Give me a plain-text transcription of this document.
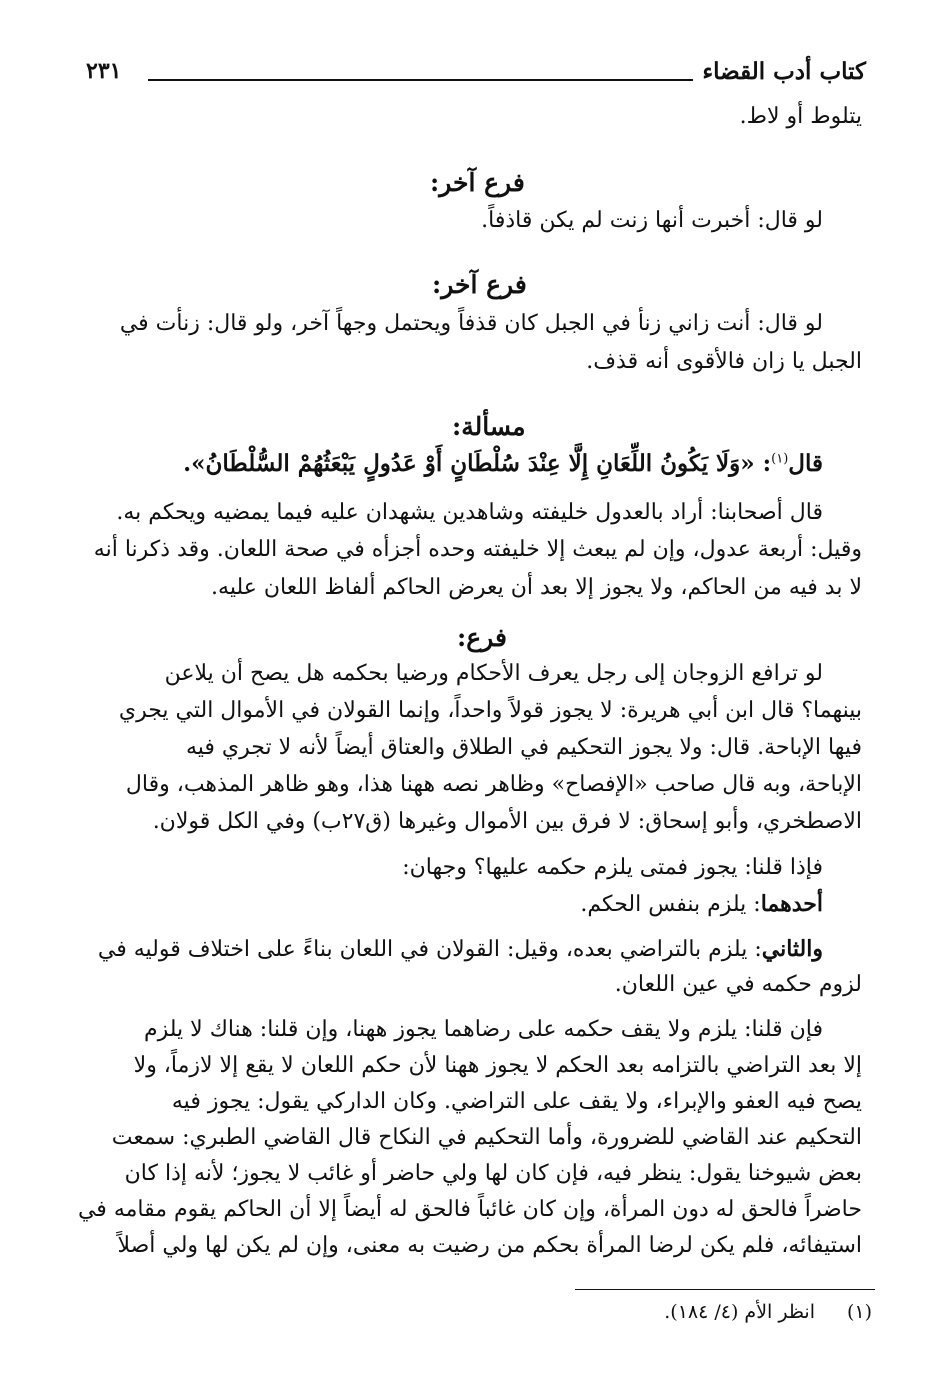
كتاب أدب القضاء
٢٣١
يتلوط أو لاط.
فرع آخر:
لو قال: أخبرت أنها زنت لم يكن قاذفاً.
فرع آخر:
لو قال: أنت زاني زنأ في الجبل كان قذفاً ويحتمل وجهاً آخر، ولو قال: زنأت في
الجبل يا زان فالأقوى أنه قذف.
مسألة:
قال$^{(١)}$: «وَلَا يَكُونُ اللِّعَانِ إِلَّا عِنْدَ سُلْطَانٍ أَوْ عَدُولٍ يَبْعَثُهُمْ السُّلْطَانُ».
قال أصحابنا: أراد بالعدول خليفته وشاهدين يشهدان عليه فيما يمضيه ويحكم به.
وقيل: أربعة عدول، وإن لم يبعث إلا خليفته وحده أجزأه في صحة اللعان. وقد ذكرنا أنه
لا بد فيه من الحاكم، ولا يجوز إلا بعد أن يعرض الحاكم ألفاظ اللعان عليه.
فرع:
لو ترافع الزوجان إلى رجل يعرف الأحكام ورضيا بحكمه هل يصح أن يلاعن
بينهما؟ قال ابن أبي هريرة: لا يجوز قولاً واحداً، وإنما القولان في الأموال التي يجري
فيها الإباحة. قال: ولا يجوز التحكيم في الطلاق والعتاق أيضاً لأنه لا تجري فيه
الإباحة، وبه قال صاحب «الإفصاح» وظاهر نصه ههنا هذا، وهو ظاهر المذهب، وقال
الاصطخري، وأبو إسحاق: لا فرق بين الأموال وغيرها (ق٢٧ب) وفي الكل قولان.
فإذا قلنا: يجوز فمتى يلزم حكمه عليها؟ وجهان:
أحدهما: يلزم بنفس الحكم.
والثاني: يلزم بالتراضي بعده، وقيل: القولان في اللعان بناءً على اختلاف قوليه في
لزوم حكمه في عين اللعان.
فإن قلنا: يلزم ولا يقف حكمه على رضاهما يجوز ههنا، وإن قلنا: هناك لا يلزم
إلا بعد التراضي بالتزامه بعد الحكم لا يجوز ههنا لأن حكم اللعان لا يقع إلا لازماً، ولا
يصح فيه العفو والإبراء، ولا يقف على التراضي. وكان الداركي يقول: يجوز فيه
التحكيم عند القاضي للضرورة، وأما التحكيم في النكاح قال القاضي الطبري: سمعت
بعض شيوخنا يقول: ينظر فيه، فإن كان لها ولي حاضر أو غائب لا يجوز؛ لأنه إذا كان
حاضراً فالحق له دون المرأة، وإن كان غائباً فالحق له أيضاً إلا أن الحاكم يقوم مقامه في
استيفائه، فلم يكن لرضا المرأة بحكم من رضيت به معنى، وإن لم يكن لها ولي أصلاً
(١)
انظر الأم (٤/ ١٨٤).
